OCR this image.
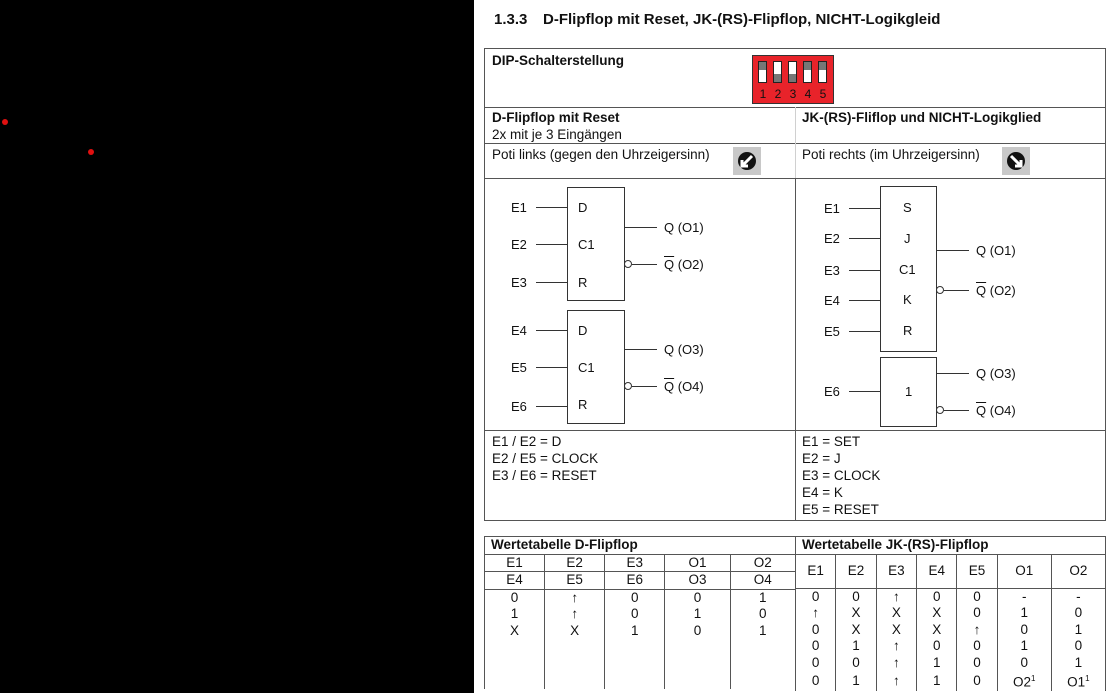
1.3.3 D-Flipflop mit Reset, JK-(RS)-Flipflop, NICHT-Logikgleid
DIP-Schalterstellung
1 2 3 4 5
D-Flipflop mit Reset
2x mit je 3 Eingängen
JK-(RS)-Fliflop und NICHT-Logikglied
Poti links (gegen den Uhrzeigersinn)	Poti rechts (im Uhrzeigersinn)
E1
E2
E3
D
C1
R
Q (O1)
$\overline{Q}$ (O2)
E4
E5
E6
D
C1
R
Q (O3)
$\overline{Q}$ (O4)
E1
E2
E3
E4
E5
S
J
C1
K
R
Q (O1)
$\overline{Q}$ (O2)
E6	1
Q (O3)
$\overline{Q}$ (O4)
E1 / E2 = D
E2 / E5 = CLOCK
E3 / E6 = RESET
E1 = SET
E2 = J
E3 = CLOCK
E4 = K
E5 = RESET
Wertetabelle D-Flipflop				
E1	E2	E3	O1	O2
E4	E5	E6	O3	O4
0	↑	0	0	1
1	↑	0	1	0
X	X	1	0	1

Wertetabelle JK-(RS)-Flipflop						
E1	E2	E3	E4	E5	O1	O2
0	0	↑	0	0	-	-
↑	X	X	X	0	1	0
0	X	X	X	↑	0	1
0	1	↑	0	0	1	0
0	0	↑	1	0	0	1
0	1	↑	1	0	$O2^1$	$O1^1$
